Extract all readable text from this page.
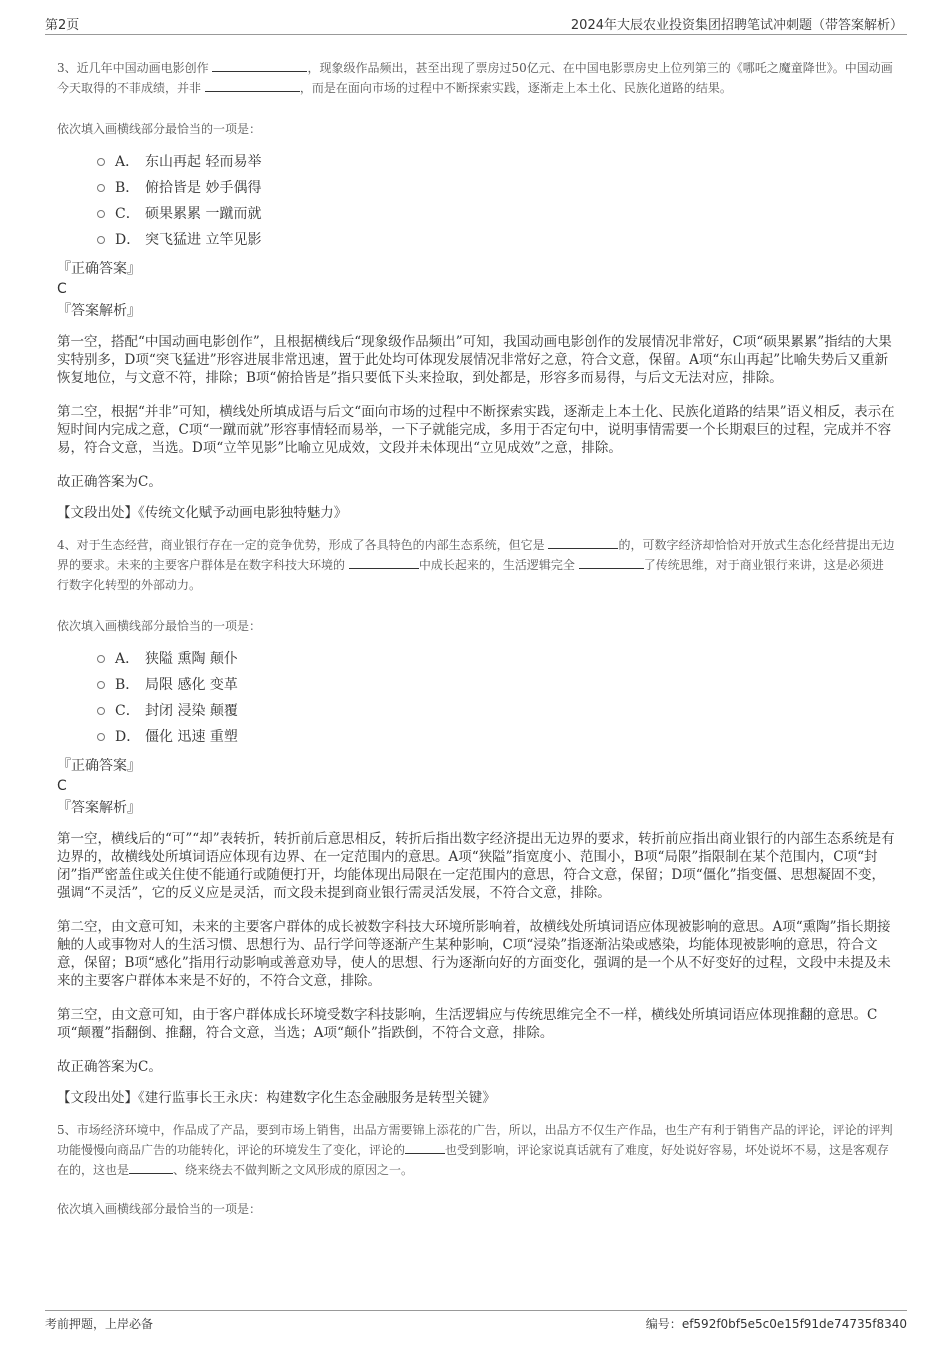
第2页	2024年大辰农业投资集团招聘笔试冲刺题（带答案解析）

3、近几年中国动画电影创作	，现象级作品频出，甚至出现了票房过50亿元、在中国电影票房史上位列第三的《哪吒之魔童降世》。中国动画今天取得的不菲成绩，并非	，而是在面向市场的过程中不断探索实践，逐渐走上本土化、民族化道路的结果。

依次填入画横线部分最恰当的一项是：

A． 东山再起 轻而易举
B． 俯拾皆是 妙手偶得
C． 硕果累累 一蹴而就
D． 突飞猛进 立竿见影

『正确答案』

C

『答案解析』

第一空，搭配“中国动画电影创作”，且根据横线后“现象级作品频出”可知，我国动画电影创作的发展情况非常好，C项“硕果累累”指结的大果实特别多，D项“突飞猛进”形容进展非常迅速，置于此处均可体现发展情况非常好之意，符合文意，保留。A项“东山再起”比喻失势后又重新恢复地位，与文意不符，排除；B项“俯拾皆是”指只要低下头来捡取，到处都是，形容多而易得，与后文无法对应，排除。

第二空，根据“并非”可知，横线处所填成语与后文“面向市场的过程中不断探索实践，逐渐走上本土化、民族化道路的结果”语义相反，表示在短时间内完成之意，C项“一蹴而就”形容事情轻而易举，一下子就能完成，多用于否定句中，说明事情需要一个长期艰巨的过程，完成并不容易，符合文意，当选。D项“立竿见影”比喻立见成效，文段并未体现出“立见成效”之意，排除。

故正确答案为C。

【文段出处】《传统文化赋予动画电影独特魅力》

4、对于生态经营，商业银行存在一定的竞争优势，形成了各具特色的内部生态系统，但它是	的，可数字经济却恰恰对开放式生态化经营提出无边界的要求。未来的主要客户群体是在数字科技大环境的	中成长起来的，生活逻辑完全	了传统思维，对于商业银行来讲，这是必须进行数字化转型的外部动力。

依次填入画横线部分最恰当的一项是：

A． 狭隘 熏陶 颠仆
B． 局限 感化 变革
C． 封闭 浸染 颠覆
D． 僵化 迅速 重塑

『正确答案』

C

『答案解析』

第一空，横线后的“可”“却”表转折，转折前后意思相反，转折后指出数字经济提出无边界的要求，转折前应指出商业银行的内部生态系统是有边界的，故横线处所填词语应体现有边界、在一定范围内的意思。A项“狭隘”指宽度小、范围小，B项“局限”指限制在某个范围内，C项“封闭”指严密盖住或关住使不能通行或随便打开，均能体现出局限在一定范围内的意思，符合文意，保留；D项“僵化”指变僵、思想凝固不变，强调“不灵活”，它的反义应是灵活，而文段未提到商业银行需灵活发展，不符合文意，排除。

第二空，由文意可知，未来的主要客户群体的成长被数字科技大环境所影响着，故横线处所填词语应体现被影响的意思。A项“熏陶”指长期接触的人或事物对人的生活习惯、思想行为、品行学问等逐渐产生某种影响，C项“浸染”指逐渐沾染或感染，均能体现被影响的意思，符合文意，保留；B项“感化”指用行动影响或善意劝导，使人的思想、行为逐渐向好的方面变化，强调的是一个从不好变好的过程，文段中未提及未来的主要客户群体本来是不好的，不符合文意，排除。

第三空，由文意可知，由于客户群体成长环境受数字科技影响，生活逻辑应与传统思维完全不一样，横线处所填词语应体现推翻的意思。C项“颠覆”指翻倒、推翻，符合文意，当选；A项“颠仆”指跌倒，不符合文意，排除。

故正确答案为C。

【文段出处】《建行监事长王永庆：构建数字化生态金融服务是转型关键》

5、市场经济环境中，作品成了产品，要到市场上销售，出品方需要锦上添花的广告，所以，出品方不仅生产作品，也生产有利于销售产品的评论，评论的评判功能慢慢向商品广告的功能转化，评论的环境发生了变化，评论的	也受到影响，评论家说真话就有了难度，好处说好容易，坏处说坏不易，这是客观存在的，这也是	、绕来绕去不做判断之文风形成的原因之一。

依次填入画横线部分最恰当的一项是：

考前押题，上岸必备	编号：ef592f0bf5e5c0e15f91de74735f8340
